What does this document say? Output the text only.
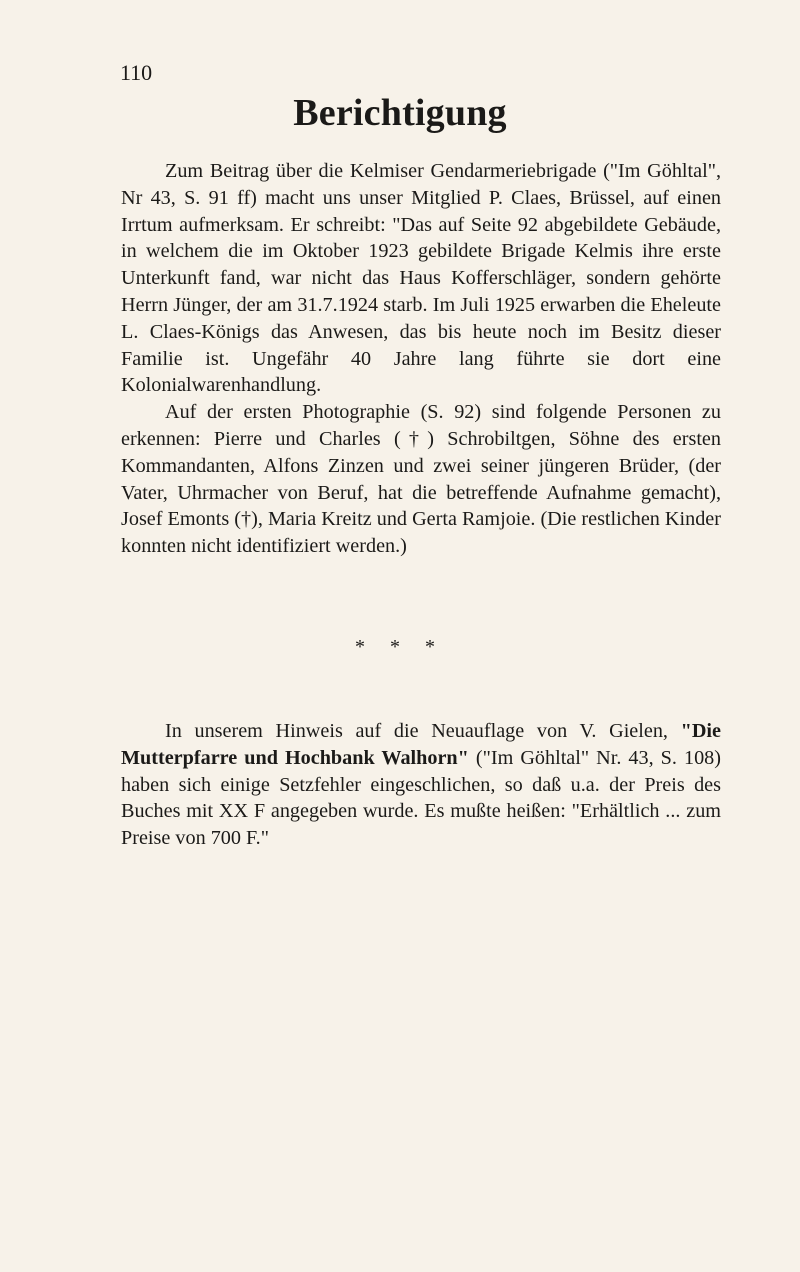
110
Berichtigung

Zum Beitrag über die Kelmiser Gendarmeriebrigade ("Im Göhltal", Nr 43, S. 91 ff) macht uns unser Mitglied P. Claes, Brüssel, auf einen Irrtum aufmerksam. Er schreibt: "Das auf Seite 92 abgebildete Gebäude, in welchem die im Oktober 1923 gebildete Brigade Kelmis ihre erste Unterkunft fand, war nicht das Haus Kofferschläger, sondern gehörte Herrn Jünger, der am 31.7.1924 starb. Im Juli 1925 erwarben die Eheleute L. Claes-Königs das Anwesen, das bis heute noch im Besitz dieser Familie ist. Ungefähr 40 Jahre lang führte sie dort eine Kolonialwarenhandlung.

Auf der ersten Photographie (S. 92) sind folgende Personen zu erkennen: Pierre und Charles (†) Schrobiltgen, Söhne des ersten Kommandanten, Alfons Zinzen und zwei seiner jüngeren Brüder, (der Vater, Uhrmacher von Beruf, hat die betreffende Aufnahme gemacht), Josef Emonts (†), Maria Kreitz und Gerta Ramjoie. (Die restlichen Kinder konnten nicht identifiziert werden.)

* * *

In unserem Hinweis auf die Neuauflage von V. Gielen, "Die Mutterpfarre und Hochbank Walhorn" ("Im Göhltal" Nr. 43, S. 108) haben sich einige Setzfehler eingeschlichen, so daß u.a. der Preis des Buches mit XX F angegeben wurde. Es mußte heißen: "Erhältlich ... zum Preise von 700 F."
